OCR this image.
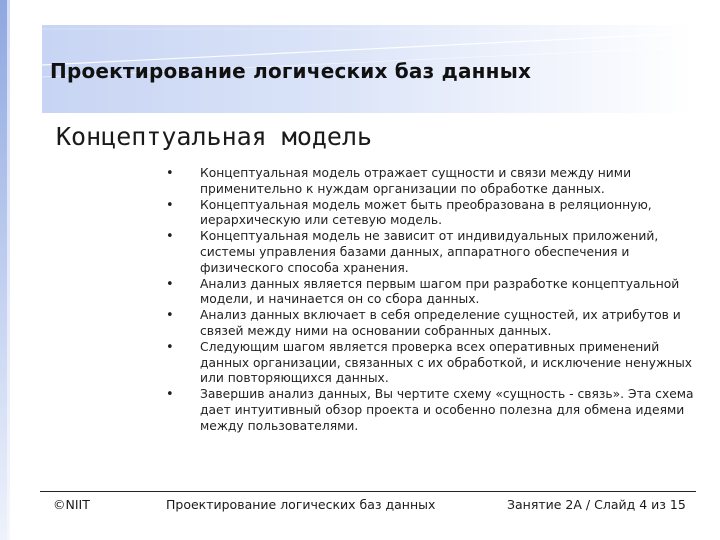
Проектирование логических баз данных
Концептуальная модель
• Концептуальная модель отражает сущности и связи между ними применительно к нуждам организации по обработке данных.
• Концептуальная модель может быть преобразована в реляционную, иерархическую или сетевую модель.
• Концептуальная модель не зависит от индивидуальных приложений, системы управления базами данных, аппаратного обеспечения и физического способа хранения.
• Анализ данных является первым шагом при разработке концептуальной модели, и начинается он со сбора данных.
• Анализ данных включает в себя определение сущностей, их атрибутов и связей между ними на основании собранных данных.
• Следующим шагом является проверка всех оперативных применений данных организации, связанных с их обработкой, и исключение ненужных или повторяющихся данных.
• Завершив анализ данных, Вы чертите схему «сущность - связь». Эта схема дает интуитивный обзор проекта и особенно полезна для обмена идеями между пользователями.
©NIIT	Проектирование логических баз данных	Занятие 2А / Слайд 4 из 15
